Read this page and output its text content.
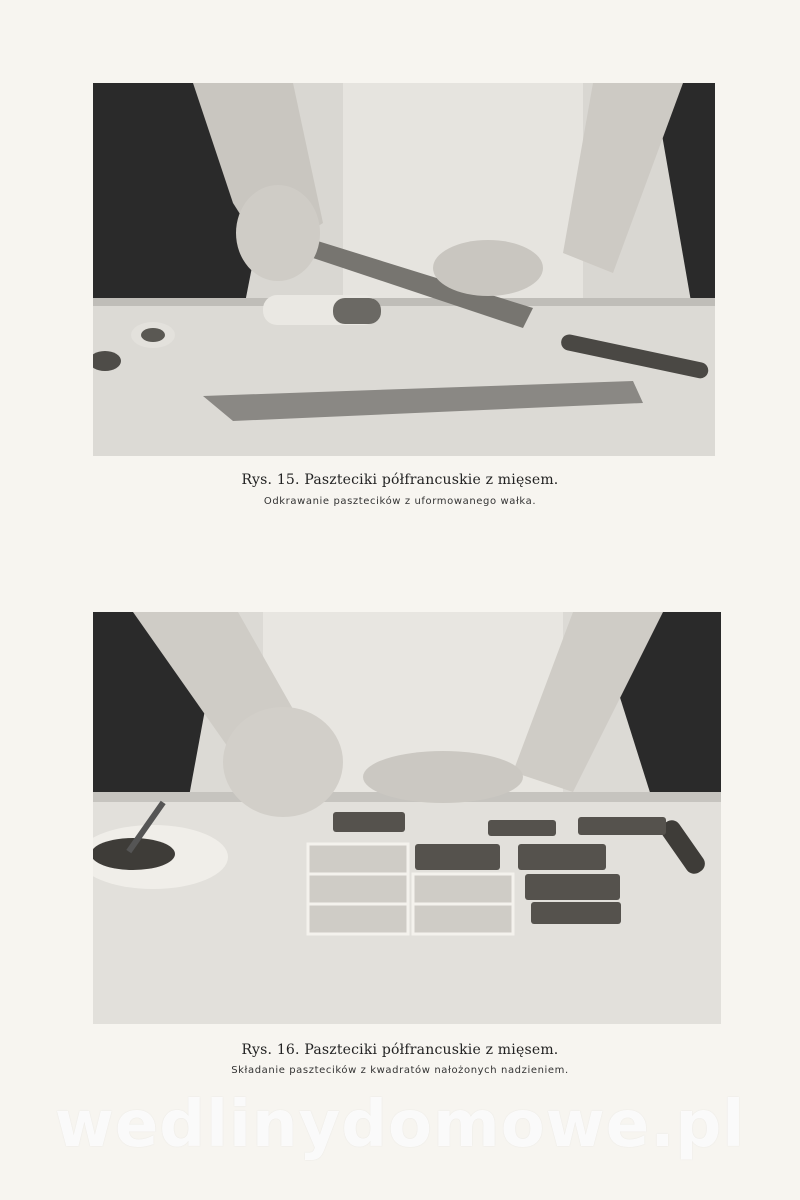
Rys. 15. Paszteciki półfrancuskie z mięsem.
Odkrawanie pasztecików z uformowanego wałka.
Rys. 16. Paszteciki półfrancuskie z mięsem.
Składanie pasztecików z kwadratów nałożonych nadzieniem.
wedlinydomowe.pl
